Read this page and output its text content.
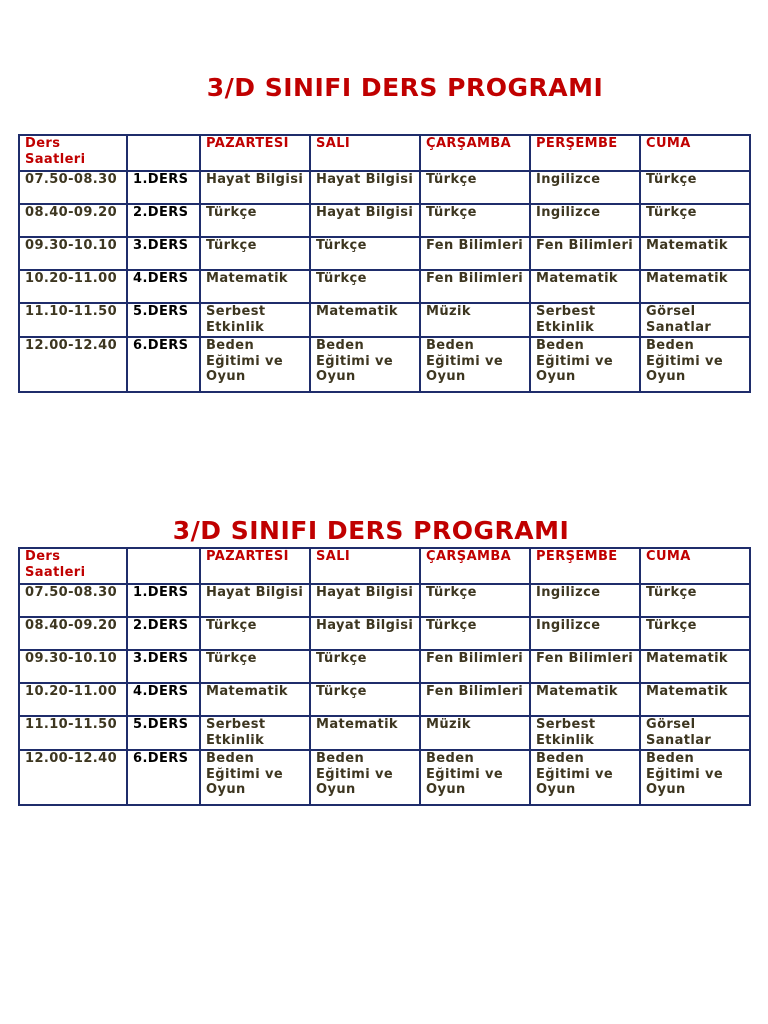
3/D SINIFI DERS PROGRAMI
Ders Saatleri		PAZARTESİ	SALI	ÇARŞAMBA	PERŞEMBE	CUMA
07.50-08.30	1.DERS	Hayat Bilgisi	Hayat Bilgisi	Türkçe	İngilizce	Türkçe
08.40-09.20	2.DERS	Türkçe	Hayat Bilgisi	Türkçe	İngilizce	Türkçe
09.30-10.10	3.DERS	Türkçe	Türkçe	Fen Bilimleri	Fen Bilimleri	Matematik
10.20-11.00	4.DERS	Matematik	Türkçe	Fen Bilimleri	Matematik	Matematik
11.10-11.50	5.DERS	Serbest Etkinlik	Matematik	Müzik	Serbest Etkinlik	Görsel Sanatlar
12.00-12.40	6.DERS	Beden Eğitimi ve Oyun	Beden Eğitimi ve Oyun	Beden Eğitimi ve Oyun	Beden Eğitimi ve Oyun	Beden Eğitimi ve Oyun
3/D SINIFI DERS PROGRAMI
Ders Saatleri		PAZARTESİ	SALI	ÇARŞAMBA	PERŞEMBE	CUMA
07.50-08.30	1.DERS	Hayat Bilgisi	Hayat Bilgisi	Türkçe	İngilizce	Türkçe
08.40-09.20	2.DERS	Türkçe	Hayat Bilgisi	Türkçe	İngilizce	Türkçe
09.30-10.10	3.DERS	Türkçe	Türkçe	Fen Bilimleri	Fen Bilimleri	Matematik
10.20-11.00	4.DERS	Matematik	Türkçe	Fen Bilimleri	Matematik	Matematik
11.10-11.50	5.DERS	Serbest Etkinlik	Matematik	Müzik	Serbest Etkinlik	Görsel Sanatlar
12.00-12.40	6.DERS	Beden Eğitimi ve Oyun	Beden Eğitimi ve Oyun	Beden Eğitimi ve Oyun	Beden Eğitimi ve Oyun	Beden Eğitimi ve Oyun
